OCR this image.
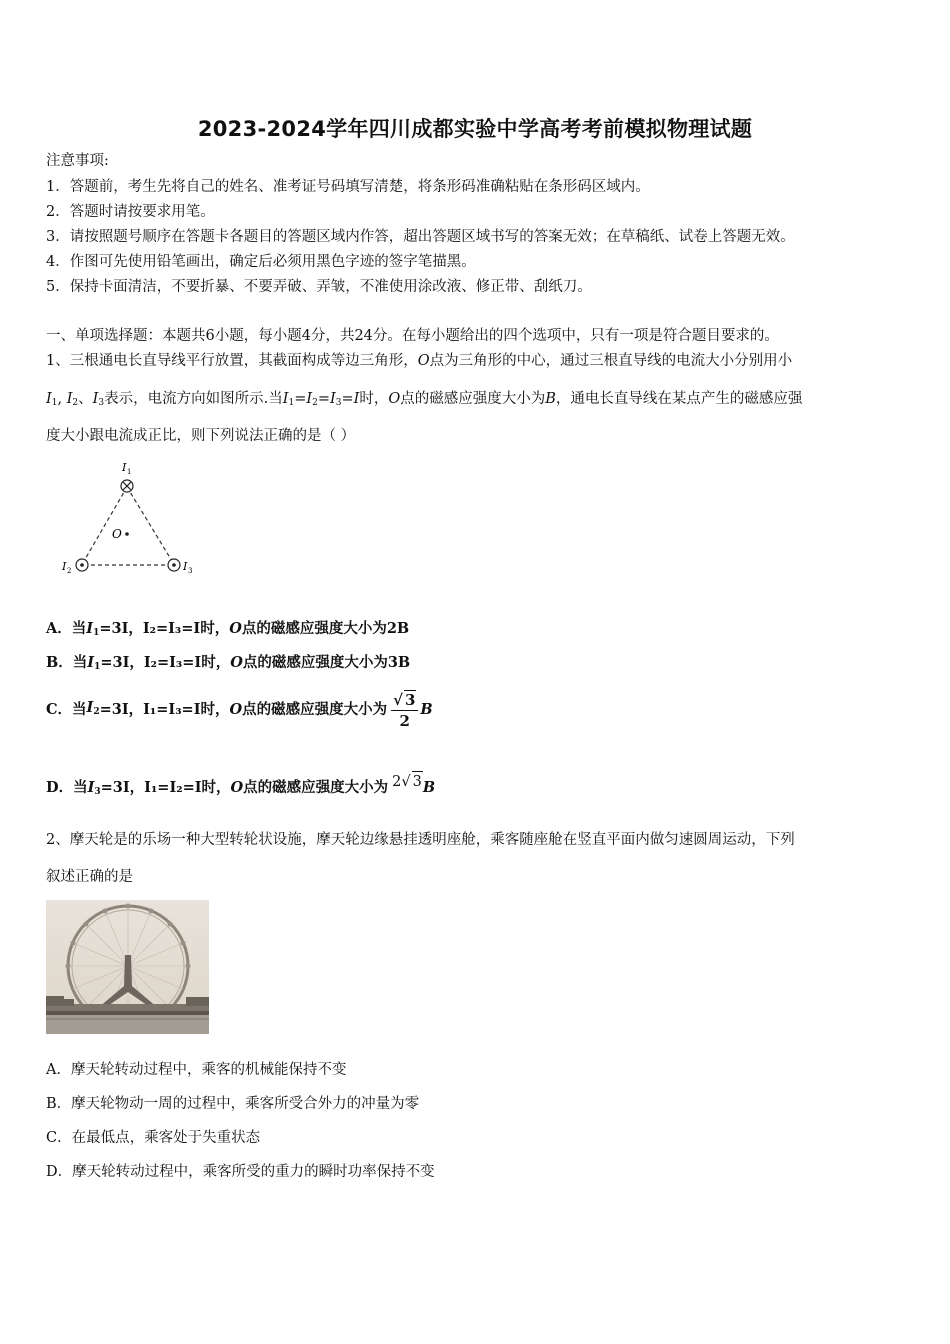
2023-2024学年四川成都实验中学高考考前模拟物理试题
注意事项:
1．答题前，考生先将自己的姓名、准考证号码填写清楚，将条形码准确粘贴在条形码区域内。
2．答题时请按要求用笔。
3．请按照题号顺序在答题卡各题目的答题区域内作答，超出答题区域书写的答案无效；在草稿纸、试卷上答题无效。
4．作图可先使用铅笔画出，确定后必须用黑色字迹的签字笔描黑。
5．保持卡面清洁，不要折暴、不要弄破、弄皱，不准使用涂改液、修正带、刮纸刀。
一、单项选择题：本题共6小题，每小题4分，共24分。在每小题给出的四个选项中，只有一项是符合题目要求的。
1、三根通电长直导线平行放置，其截面构成等边三角形，O点为三角形的中心，通过三根直导线的电流大小分别用小
$I_1$, $I_2$、$I_3$表示，电流方向如图所示.当$I_1=I_2=I_3=I$时，O点的磁感应强度大小为B，通电长直导线在某点产生的磁感应强
度大小跟电流成正比，则下列说法正确的是（ ）
I 1
I 2	I 3
O
A．当$I_1=3I$，I₂=I₃=I时，O点的磁感应强度大小为2B
B．当$I_1=3I$，I₂=I₃=I时，O点的磁感应强度大小为3B
C．当$I_2=3I$，I₁=I₃=I时，O点的磁感应强度大小为 $\frac{√ 3}{2}$ B
D．当$I_3=3I$，I₁=I₂=I时，O点的磁感应强度大小为 2√ 3B
2、摩天轮是的乐场一种大型转轮状设施，摩天轮边缘悬挂透明座舱，乘客随座舱在竖直平面内做匀速圆周运动，下列
叙述正确的是
A．摩天轮转动过程中，乘客的机械能保持不变
B．摩天轮物动一周的过程中，乘客所受合外力的冲量为零
C．在最低点，乘客处于失重状态
D．摩天轮转动过程中，乘客所受的重力的瞬时功率保持不变
